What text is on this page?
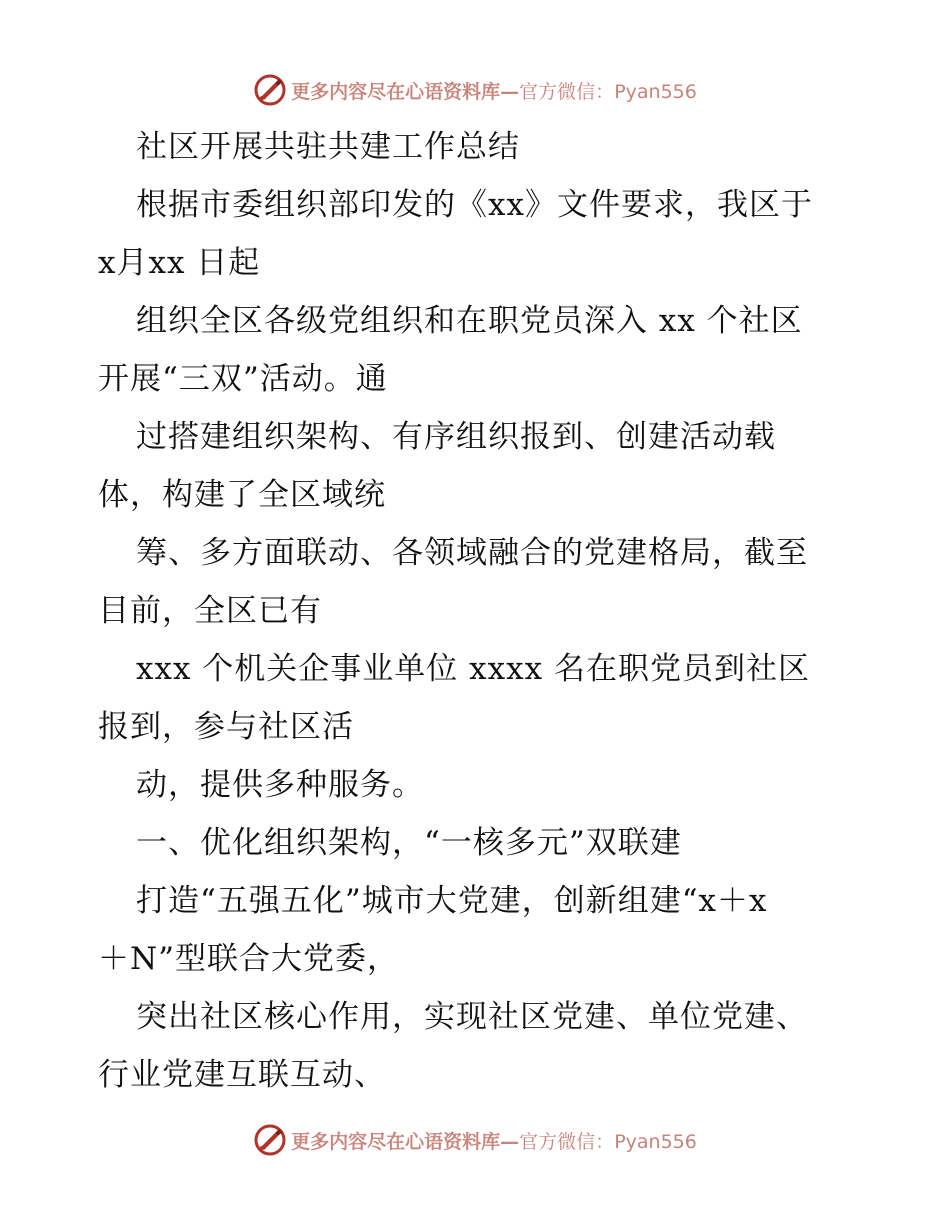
更多内容尽在心语资料库—官方微信：Pyan556
社区开展共驻共建工作总结
根据市委组织部印发的《xx》文件要求，我区于
x月xx 日起
组织全区各级党组织和在职党员深入 xx 个社区
开展“三双”活动。通
过搭建组织架构、有序组织报到、创建活动载
体，构建了全区域统
筹、多方面联动、各领域融合的党建格局，截至
目前，全区已有
xxx 个机关企事业单位 xxxx 名在职党员到社区
报到，参与社区活
动，提供多种服务。
一、优化组织架构，“一核多元”双联建
打造“五强五化”城市大党建，创新组建“x＋x
＋N”型联合大党委，
突出社区核心作用，实现社区党建、单位党建、
行业党建互联互动、
更多内容尽在心语资料库—官方微信：Pyan556
